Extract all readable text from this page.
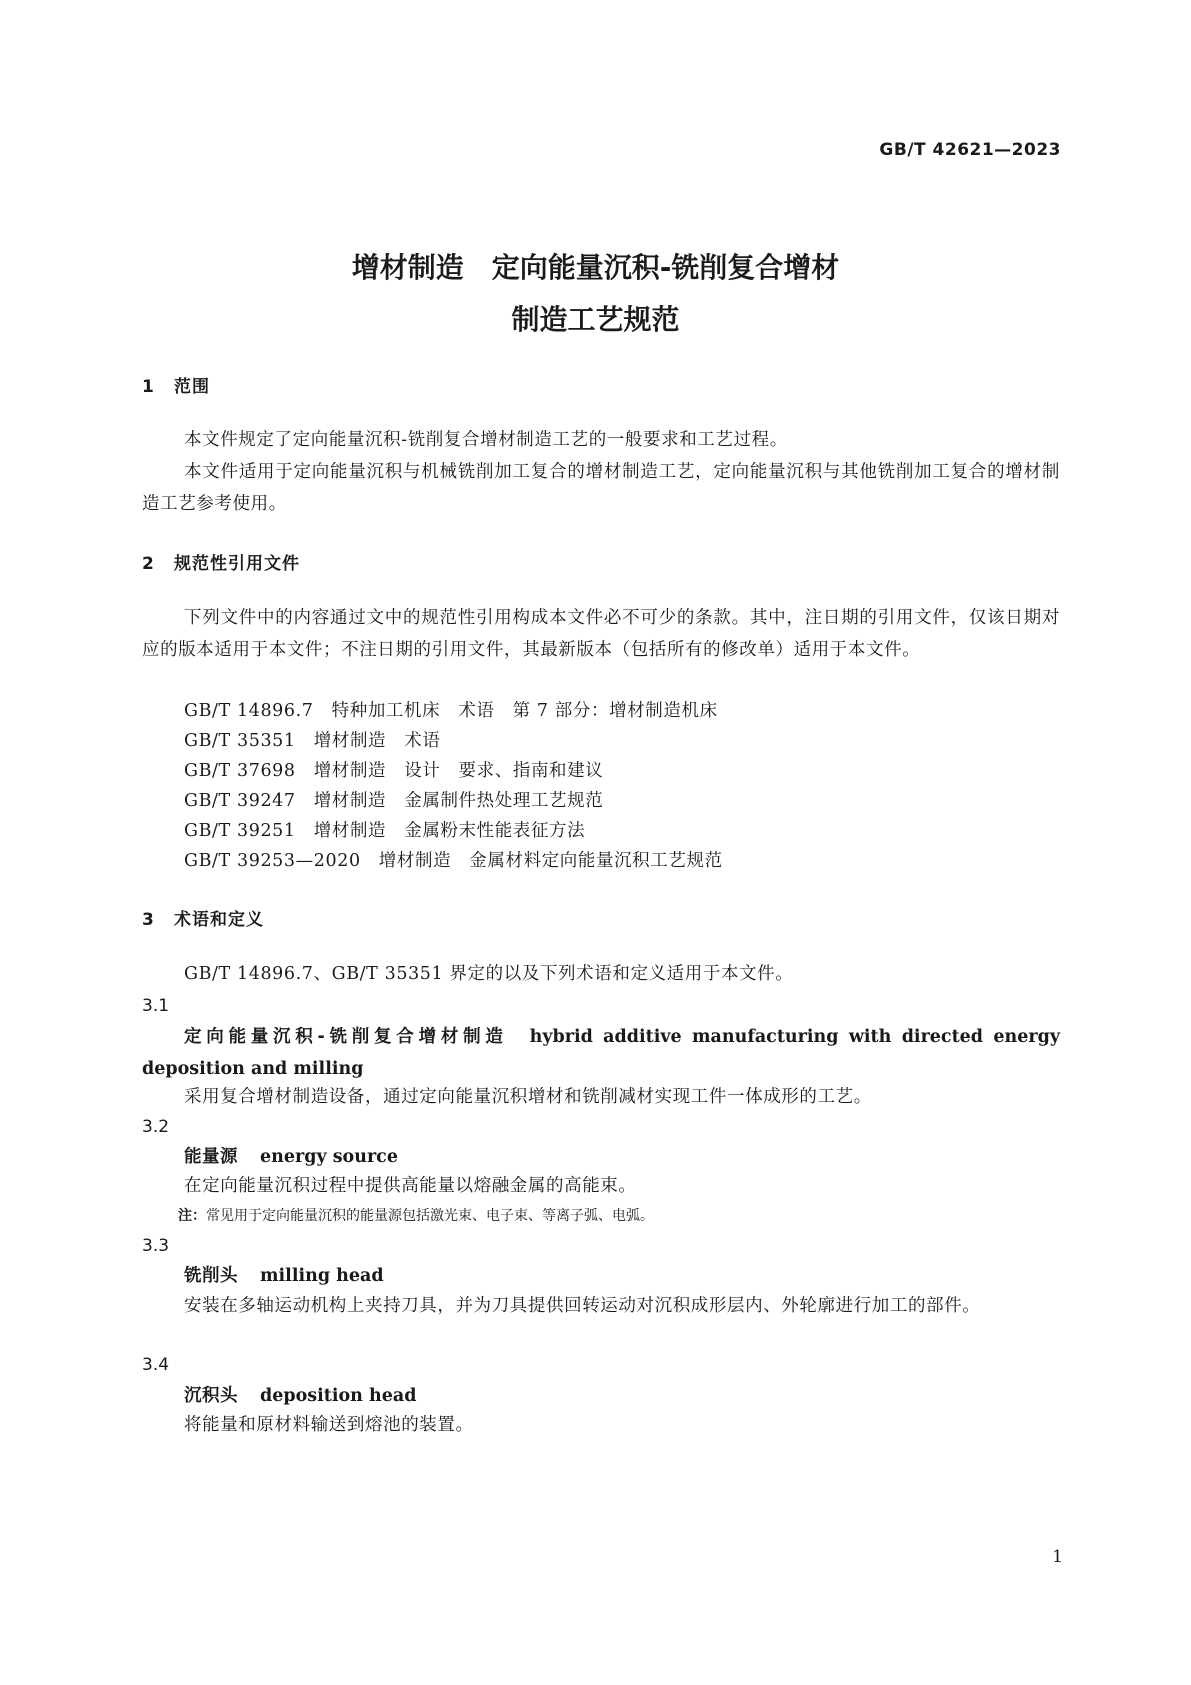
GB/T 42621—2023
增材制造　定向能量沉积-铣削复合增材
制造工艺规范
1 范围
本文件规定了定向能量沉积-铣削复合增材制造工艺的一般要求和工艺过程。
本文件适用于定向能量沉积与机械铣削加工复合的增材制造工艺，定向能量沉积与其他铣削加工复合的增材制造工艺参考使用。
2 规范性引用文件
下列文件中的内容通过文中的规范性引用构成本文件必不可少的条款。其中，注日期的引用文件，仅该日期对应的版本适用于本文件；不注日期的引用文件，其最新版本（包括所有的修改单）适用于本文件。
GB/T 14896.7　特种加工机床　术语　第 7 部分：增材制造机床
GB/T 35351　增材制造　术语
GB/T 37698　增材制造　设计　要求、指南和建议
GB/T 39247　增材制造　金属制件热处理工艺规范
GB/T 39251　增材制造　金属粉末性能表征方法
GB/T 39253—2020　增材制造　金属材料定向能量沉积工艺规范
3 术语和定义
GB/T 14896.7、GB/T 35351 界定的以及下列术语和定义适用于本文件。
3.1
定向能量沉积-铣削复合增材制造 hybrid additive manufacturing with directed energy deposition and milling
采用复合增材制造设备，通过定向能量沉积增材和铣削减材实现工件一体成形的工艺。
3.2
能量源 energy source
在定向能量沉积过程中提供高能量以熔融金属的高能束。
注：常见用于定向能量沉积的能量源包括激光束、电子束、等离子弧、电弧。
3.3
铣削头 milling head
安装在多轴运动机构上夹持刀具，并为刀具提供回转运动对沉积成形层内、外轮廓进行加工的部件。
3.4
沉积头 deposition head
将能量和原材料输送到熔池的装置。
1
